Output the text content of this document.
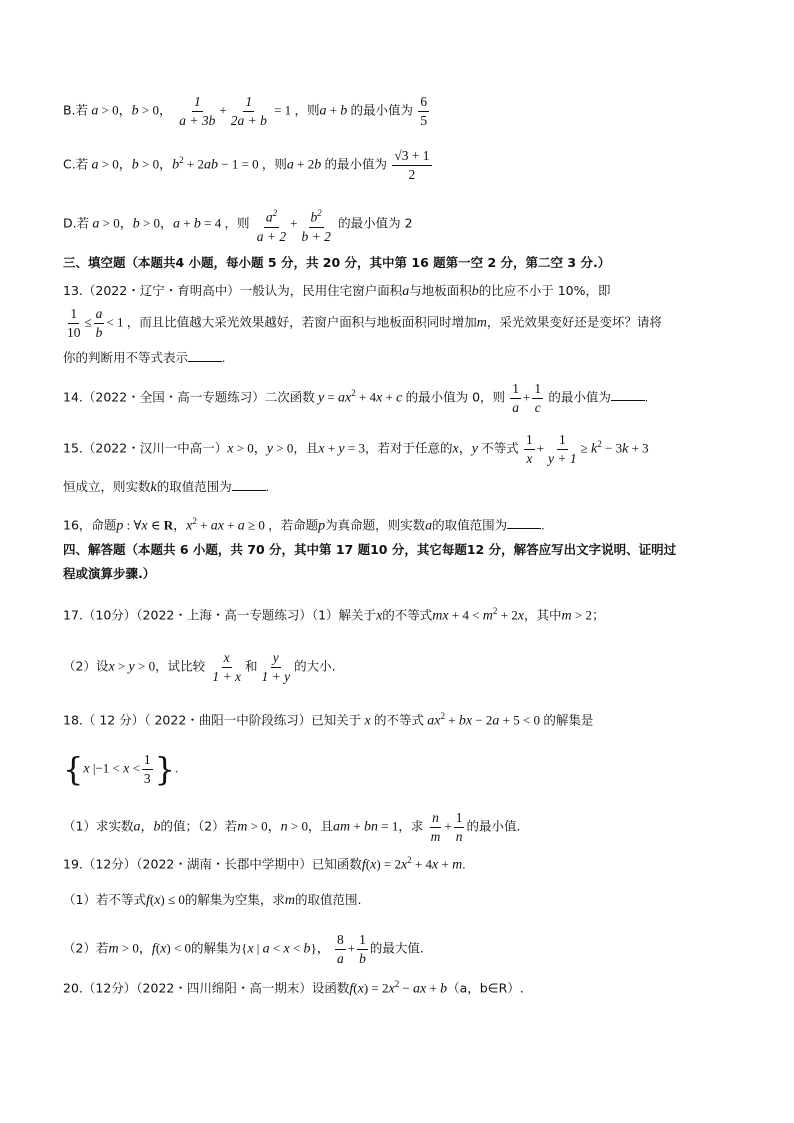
B.若 a > 0，b > 0， $\frac{1}{a + 3b} + \frac{1}{2a + b} = 1$ ，则a + b 的最小值为 $\frac{6}{5}$
C.若 a > 0，b > 0，$b^2 + 2ab - 1 = 0$ ，则a + 2b 的最小值为 $\frac{√3 + 1}{2}$
D.若 a > 0，b > 0，a + b = 4 ，则 $\frac{a^2}{a + 2} + \frac{b^2}{b + 2}$ 的最小值为 2
三、填空题（本题共4 小题，每小题 5 分，共 20 分，其中第 16 题第一空 2 分，第二空 3 分.）
13.（2022・辽宁・育明高中）一般认为，民用住宅窗户面积a与地板面积b的比应不小于 10%，即
$\frac{1}{10} \le \frac{a}{b} < 1$ ，而且比值越大采光效果越好，若窗户面积与地板面积同时增加m，采光效果变好还是变坏？请将
你的判断用不等式表示	.
14.（2022・全国・高一专题练习）二次函数 $y = ax^2 + 4x + c$ 的最小值为 0，则 $\frac{1}{a} + \frac{1}{c}$ 的最小值为	.
15.（2022・汉川一中高一）x > 0，y > 0，且x + y = 3，若对于任意的x，y 不等式 $\frac{1}{x} + \frac{1}{y + 1} \ge k^2 - 3k + 3$
恒成立，则实数k的取值范围为	.
16，命题p : ∀x ∈ R，$x^2$ + ax + a ≥ 0 ，若命题p为真命题，则实数a的取值范围为	.
四、解答题（本题共 6 小题，共 70 分，其中第 17 题10 分，其它每题12 分，解答应写出文字说明、证明过
程或演算步骤.）
17.（10分）（2022・上海・高一专题练习）（1）解关于x的不等式mx + $4 < m^2 + 2x$，其中m > 2；
（2）设x > y > 0，试比较 $\frac{x}{1 + x}$ 和 $\frac{y}{1 + y}$ 的大小.
18.（ 12 分）（ 2022・曲阳一中阶段练习）已知关于 x 的不等式 $ax^2$ + bx − 2a + 5 < 0 的解集是
{x $|-1 < x < \frac{1}{3}$ }.
（1）求实数a，b的值；（2）若m > 0，n > 0，且am + bn = 1，求 $\frac{n}{m} + \frac{1}{n}$ 的最小值.
19.（12分）（2022・湖南・长郡中学期中）已知函数$f(x) = 2x^2 + 4x + m$.
（1）若不等式f(x) ≤ 0的解集为空集，求m的取值范围.
（2）若m > 0，f(x) < 0的解集为{x | a < x < b}， $\frac{8}{a} + \frac{1}{b}$ 的最大值.
20.（12分）（2022・四川绵阳・高一期末）设函数$f(x) = 2x^2$ − ax + b（a，b∈R）.
